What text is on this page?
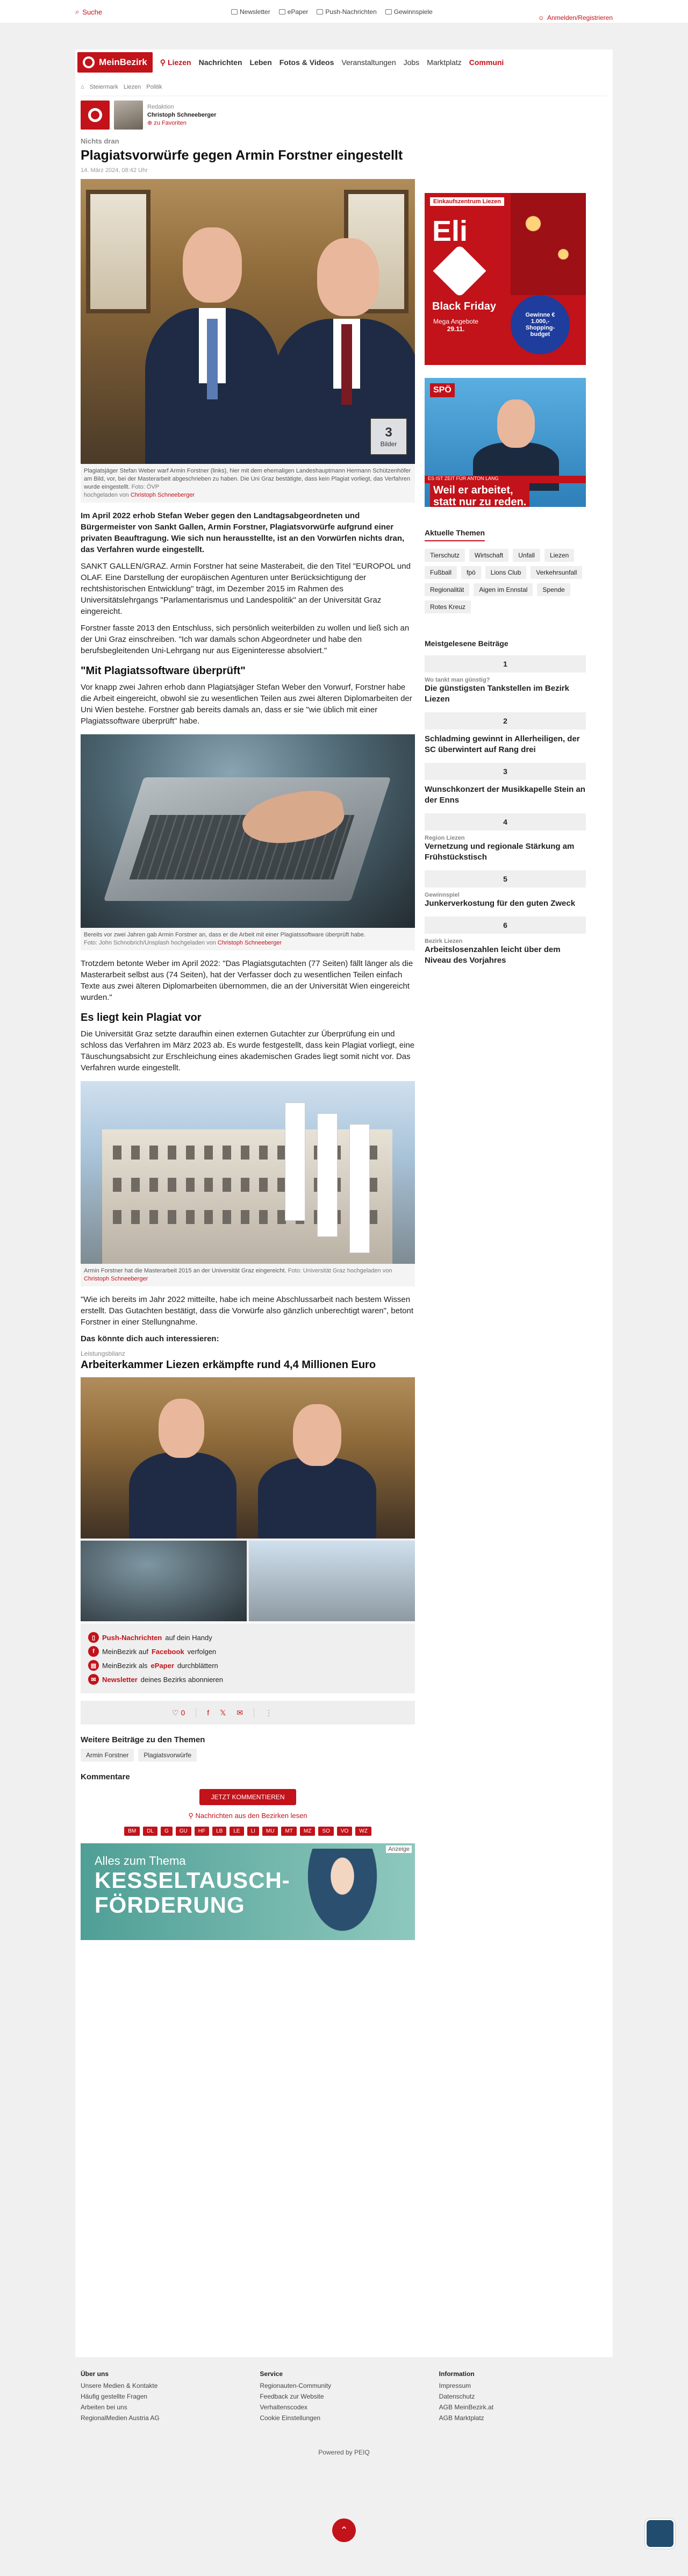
⌕ Suche	Newsletter	ePaper	Push-Nachrichten	Gewinnspiele
☺ Anmelden/Registrieren
MeinBezirk ⚲ Liezen Nachrichten Leben Fotos & Videos Veranstaltungen Jobs Marktplatz Communi
⌂ Steiermark Liezen Politik
Redaktion
Christoph Schneeberger
⊕ zu Favoriten
Nichts dran
Plagiatsvorwürfe gegen Armin Forstner eingestellt
14. März 2024, 08:42 Uhr
3
Bilder
Plagiatsjäger Stefan Weber warf Armin Forstner (links), hier mit dem ehemaligen Landeshauptmann Hermann Schützenhöfer am Bild, vor, bei der Masterarbeit abgeschrieben zu haben. Die Uni Graz bestätigte, dass kein Plagiat vorliegt, das Verfahren wurde eingestellt. Foto: ÖVP
hochgeladen von Christoph Schneeberger

Im April 2022 erhob Stefan Weber gegen den Landtagsabgeordneten und Bürgermeister von Sankt Gallen, Armin Forstner, Plagiatsvorwürfe aufgrund einer privaten Beauftragung. Wie sich nun herausstellte, ist an den Vorwürfen nichts dran, das Verfahren wurde eingestellt.

SANKT GALLEN/GRAZ. Armin Forstner hat seine Masterabeit, die den Titel "EUROPOL und OLAF. Eine Darstellung der europäischen Agenturen unter Berücksichtigung der rechtshistorischen Entwicklung" trägt, im Dezember 2015 im Rahmen des Universitätslehrgangs "Parlamentarismus und Landespolitik" an der Universität Graz eingereicht.

Forstner fasste 2013 den Entschluss, sich persönlich weiterbilden zu wollen und ließ sich an der Uni Graz einschreiben. "Ich war damals schon Abgeordneter und habe den berufsbegleitenden Uni-Lehrgang nur aus Eigeninteresse absolviert."

"Mit Plagiatssoftware überprüft"

Vor knapp zwei Jahren erhob dann Plagiatsjäger Stefan Weber den Vorwurf, Forstner habe die Arbeit eingereicht, obwohl sie zu wesentlichen Teilen aus zwei älteren Diplomarbeiten der Uni Wien bestehe. Forstner gab bereits damals an, dass er sie "wie üblich mit einer Plagiatssoftware überprüft" habe.

Bereits vor zwei Jahren gab Armin Forstner an, dass er die Arbeit mit einer Plagiatssoftware überprüft habe.
Foto: John Schnobrich/Unsplash hochgeladen von Christoph Schneeberger

Trotzdem betonte Weber im April 2022: "Das Plagiatsgutachten (77 Seiten) fällt länger als die Masterarbeit selbst aus (74 Seiten), hat der Verfasser doch zu wesentlichen Teilen einfach Texte aus zwei älteren Diplomarbeiten übernommen, die an der Universität Wien eingereicht wurden."

Es liegt kein Plagiat vor

Die Universität Graz setzte daraufhin einen externen Gutachter zur Überprüfung ein und schloss das Verfahren im März 2023 ab. Es wurde festgestellt, dass kein Plagiat vorliegt, eine Täuschungsabsicht zur Erschleichung eines akademischen Grades liegt somit nicht vor. Das Verfahren wurde eingestellt.

Armin Forstner hat die Masterarbeit 2015 an der Universität Graz eingereicht. Foto: Universität Graz hochgeladen von Christoph Schneeberger

"Wie ich bereits im Jahr 2022 mitteilte, habe ich meine Abschlussarbeit nach bestem Wissen erstellt. Das Gutachten bestätigt, dass die Vorwürfe also gänzlich unberechtigt waren", betont Forstner in einer Stellungnahme.

Das könnte dich auch interessieren:

Leistungsbilanz
Arbeiterkammer Liezen erkämpfte rund 4,4 Millionen Euro
▯ Push-Nachrichten auf dein Handy
f	MeinBezirk auf Facebook verfolgen
▤ MeinBezirk als ePaper durchblättern
✉ Newsletter deines Bezirks abonnieren
♡ 0	f 𝕏 ✉	⋮
Weitere Beiträge zu den Themen
Armin Forstner	Plagiatsvorwürfe
Kommentare
JETZT KOMMENTIEREN
⚲ Nachrichten aus den Bezirken lesen
BM	DL	G	GU	HF	LB	LE	LI	MU	MT	MZ	SO	VO	WZ
Anzeige
Alles zum Thema
KESSELTAUSCH-
FÖRDERUNG
Einkaufszentrum Liezen
Eli
Black Friday
Mega Angebote
29.11.
Gewinne € 1.000,- Shopping-budget
SPÖ
ES IST ZEIT FÜR ANTON LANG
Weil er arbeitet,
statt nur zu reden.
Aktuelle Themen
Tierschutz	Wirtschaft	Unfall	Liezen
Fußball	fpö	Lions Club	Verkehrsunfall
Regionalität	Aigen im Ennstal	Spende
Rotes Kreuz
Meistgelesene Beiträge
1
Wo tankt man günstig?
Die günstigsten Tankstellen im Bezirk Liezen
2
Schladming gewinnt in Allerheiligen, der SC überwintert auf Rang drei
3
Wunschkonzert der Musikkapelle Stein an der Enns
4
Region Liezen
Vernetzung und regionale Stärkung am Frühstückstisch
5
Gewinnspiel
Junkerverkostung für den guten Zweck
6
Bezirk Liezen
Arbeitslosenzahlen leicht über dem Niveau des Vorjahres
Über uns
Unsere Medien & Kontakte
Häufig gestellte Fragen
Arbeiten bei uns
RegionalMedien Austria AG
Service
Regionauten-Community
Feedback zur Website
Verhaltenscodex
Cookie Einstellungen
Information
Impressum
Datenschutz
AGB MeinBezirk.at
AGB Marktplatz
Powered by PEIQ
⌃
